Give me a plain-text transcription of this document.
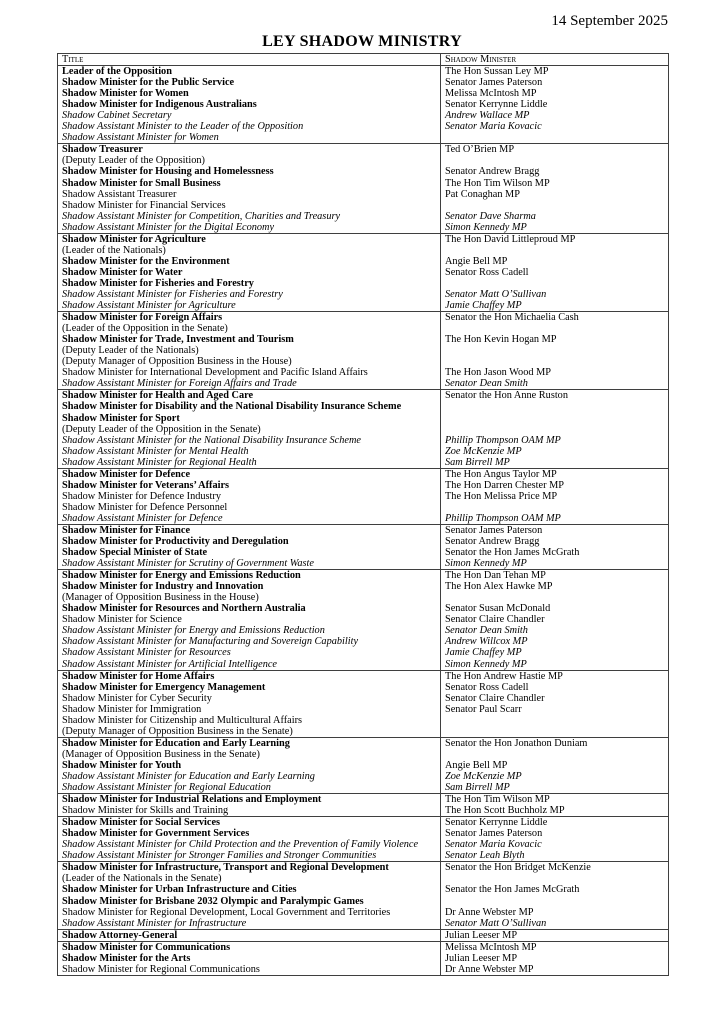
14 September 2025
LEY SHADOW MINISTRY
Title	Shadow Minister
Leader of the Opposition	The Hon Sussan Ley MP
Shadow Minister for the Public Service	Senator James Paterson
Shadow Minister for Women	Melissa McIntosh MP
Shadow Minister for Indigenous Australians	Senator Kerrynne Liddle
Shadow Cabinet Secretary	Andrew Wallace MP
Shadow Assistant Minister to the Leader of the Opposition	Senator Maria Kovacic
Shadow Assistant Minister for Women	
Shadow Treasurer	Ted O’Brien MP
(Deputy Leader of the Opposition)	
Shadow Minister for Housing and Homelessness	Senator Andrew Bragg
Shadow Minister for Small Business	The Hon Tim Wilson MP
Shadow Assistant Treasurer	Pat Conaghan MP
Shadow Minister for Financial Services	
Shadow Assistant Minister for Competition, Charities and Treasury	Senator Dave Sharma
Shadow Assistant Minister for the Digital Economy	Simon Kennedy MP
Shadow Minister for Agriculture	The Hon David Littleproud MP
(Leader of the Nationals)	
Shadow Minister for the Environment	Angie Bell MP
Shadow Minister for Water	Senator Ross Cadell
Shadow Minister for Fisheries and Forestry	
Shadow Assistant Minister for Fisheries and Forestry	Senator Matt O’Sullivan
Shadow Assistant Minister for Agriculture	Jamie Chaffey MP
Shadow Minister for Foreign Affairs	Senator the Hon Michaelia Cash
(Leader of the Opposition in the Senate)	
Shadow Minister for Trade, Investment and Tourism	The Hon Kevin Hogan MP
(Deputy Leader of the Nationals)	
(Deputy Manager of Opposition Business in the House)	
Shadow Minister for International Development and Pacific Island Affairs	The Hon Jason Wood MP
Shadow Assistant Minister for Foreign Affairs and Trade	Senator Dean Smith
Shadow Minister for Health and Aged Care	Senator the Hon Anne Ruston
Shadow Minister for Disability and the National Disability Insurance Scheme	
Shadow Minister for Sport	
(Deputy Leader of the Opposition in the Senate)	
Shadow Assistant Minister for the National Disability Insurance Scheme	Phillip Thompson OAM MP
Shadow Assistant Minister for Mental Health	Zoe McKenzie MP
Shadow Assistant Minister for Regional Health	Sam Birrell MP
Shadow Minister for Defence	The Hon Angus Taylor MP
Shadow Minister for Veterans’ Affairs	The Hon Darren Chester MP
Shadow Minister for Defence Industry	The Hon Melissa Price MP
Shadow Minister for Defence Personnel	
Shadow Assistant Minister for Defence	Phillip Thompson OAM MP
Shadow Minister for Finance	Senator James Paterson
Shadow Minister for Productivity and Deregulation	Senator Andrew Bragg
Shadow Special Minister of State	Senator the Hon James McGrath
Shadow Assistant Minister for Scrutiny of Government Waste	Simon Kennedy MP
Shadow Minister for Energy and Emissions Reduction	The Hon Dan Tehan MP
Shadow Minister for Industry and Innovation	The Hon Alex Hawke MP
(Manager of Opposition Business in the House)	
Shadow Minister for Resources and Northern Australia	Senator Susan McDonald
Shadow Minister for Science	Senator Claire Chandler
Shadow Assistant Minister for Energy and Emissions Reduction	Senator Dean Smith
Shadow Assistant Minister for Manufacturing and Sovereign Capability	Andrew Willcox MP
Shadow Assistant Minister for Resources	Jamie Chaffey MP
Shadow Assistant Minister for Artificial Intelligence	Simon Kennedy MP
Shadow Minister for Home Affairs	The Hon Andrew Hastie MP
Shadow Minister for Emergency Management	Senator Ross Cadell
Shadow Minister for Cyber Security	Senator Claire Chandler
Shadow Minister for Immigration	Senator Paul Scarr
Shadow Minister for Citizenship and Multicultural Affairs	
(Deputy Manager of Opposition Business in the Senate)	
Shadow Minister for Education and Early Learning	Senator the Hon Jonathon Duniam
(Manager of Opposition Business in the Senate)	
Shadow Minister for Youth	Angie Bell MP
Shadow Assistant Minister for Education and Early Learning	Zoe McKenzie MP
Shadow Assistant Minister for Regional Education	Sam Birrell MP
Shadow Minister for Industrial Relations and Employment	The Hon Tim Wilson MP
Shadow Minister for Skills and Training	The Hon Scott Buchholz MP
Shadow Minister for Social Services	Senator Kerrynne Liddle
Shadow Minister for Government Services	Senator James Paterson
Shadow Assistant Minister for Child Protection and the Prevention of Family Violence	Senator Maria Kovacic
Shadow Assistant Minister for Stronger Families and Stronger Communities	Senator Leah Blyth
Shadow Minister for Infrastructure, Transport and Regional Development	Senator the Hon Bridget McKenzie
(Leader of the Nationals in the Senate)	
Shadow Minister for Urban Infrastructure and Cities	Senator the Hon James McGrath
Shadow Minister for Brisbane 2032 Olympic and Paralympic Games	
Shadow Minister for Regional Development, Local Government and Territories	Dr Anne Webster MP
Shadow Assistant Minister for Infrastructure	Senator Matt O’Sullivan
Shadow Attorney-General	Julian Leeser MP
Shadow Minister for Communications	Melissa McIntosh MP
Shadow Minister for the Arts	Julian Leeser MP
Shadow Minister for Regional Communications	Dr Anne Webster MP
